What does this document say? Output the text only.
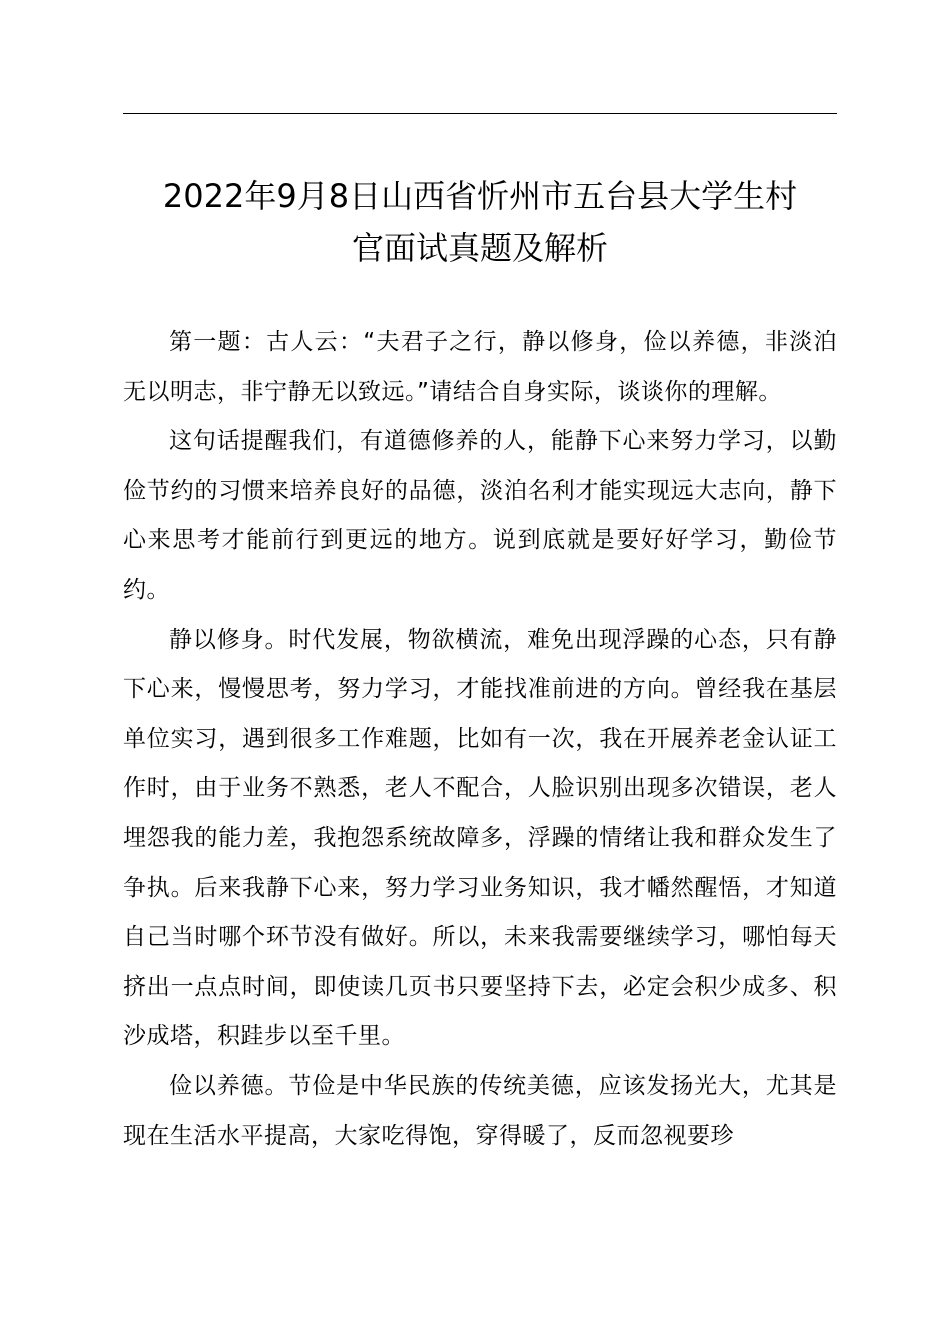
2022年9月8日山西省忻州市五台县大学生村
官面试真题及解析

第一题：古人云：“夫君子之行，静以修身，俭以养德，非淡泊无以明志，非宁静无以致远。”请结合自身实际，谈谈你的理解。

这句话提醒我们，有道德修养的人，能静下心来努力学习，以勤俭节约的习惯来培养良好的品德，淡泊名利才能实现远大志向，静下心来思考才能前行到更远的地方。说到底就是要好好学习，勤俭节约。

静以修身。时代发展，物欲横流，难免出现浮躁的心态，只有静下心来，慢慢思考，努力学习，才能找准前进的方向。曾经我在基层单位实习，遇到很多工作难题，比如有一次，我在开展养老金认证工作时，由于业务不熟悉，老人不配合，人脸识别出现多次错误，老人埋怨我的能力差，我抱怨系统故障多，浮躁的情绪让我和群众发生了争执。后来我静下心来，努力学习业务知识，我才幡然醒悟，才知道自己当时哪个环节没有做好。所以，未来我需要继续学习，哪怕每天挤出一点点时间，即使读几页书只要坚持下去，必定会积少成多、积沙成塔，积跬步以至千里。

俭以养德。节俭是中华民族的传统美德，应该发扬光大，尤其是现在生活水平提高，大家吃得饱，穿得暖了，反而忽视要珍
